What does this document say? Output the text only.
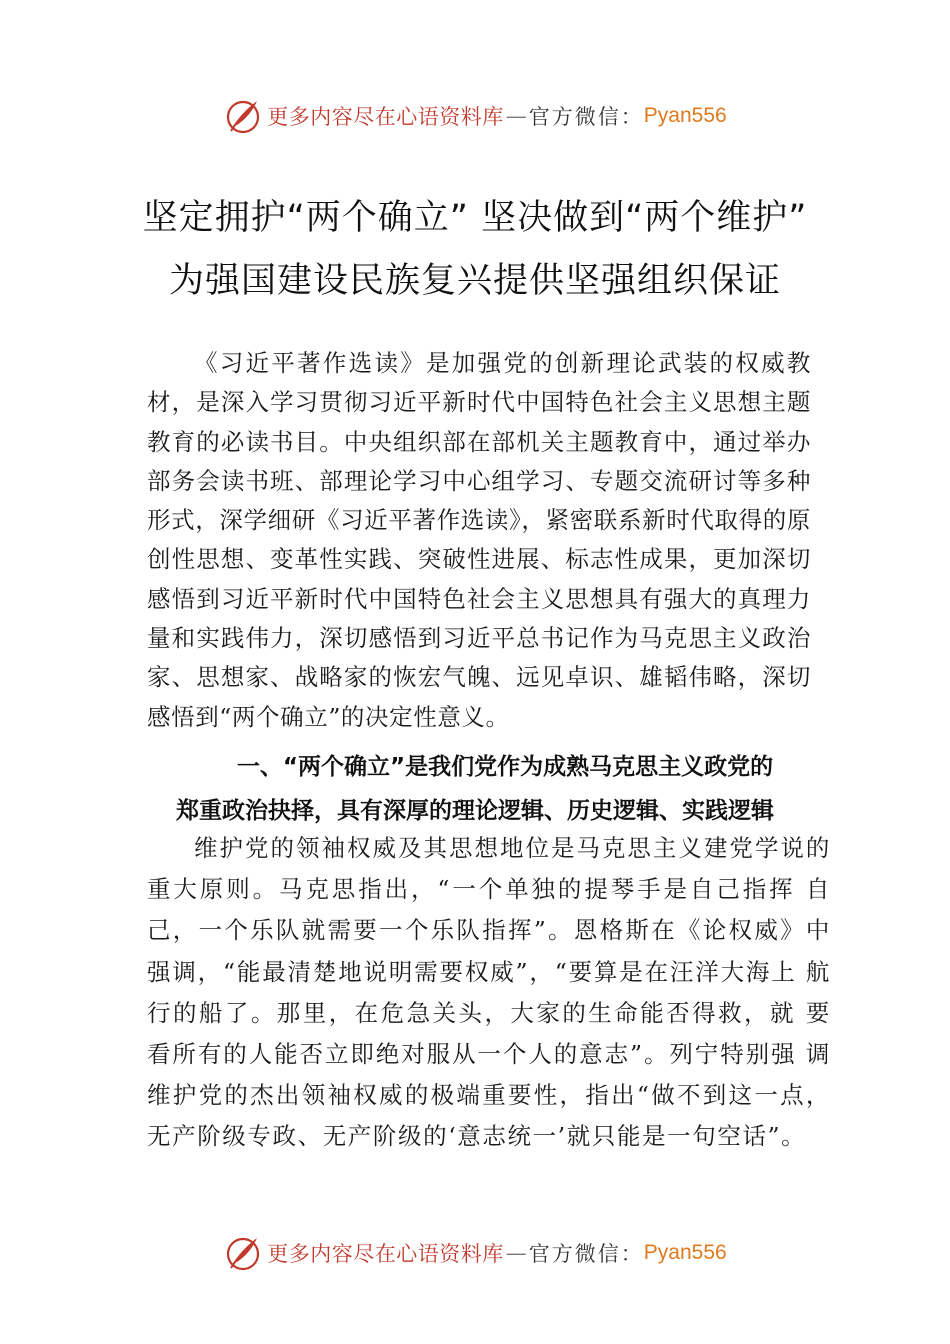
更多内容尽在心语资料库 — 官方微信： Pyan556
坚定拥护“两个确立” 坚决做到“两个维护”
为强国建设民族复兴提供坚强组织保证

《习近平著作选读》是加强党的创新理论武装的权威教材，是深入学习贯彻习近平新时代中国特色社会主义思想主题教育的必读书目。中央组织部在部机关主题教育中，通过举办部务会读书班、部理论学习中心组学习、专题交流研讨等多种形式，深学细研《习近平著作选读》，紧密联系新时代取得的原创性思想、变革性实践、突破性进展、标志性成果，更加深切感悟到习近平新时代中国特色社会主义思想具有强大的真理力量和实践伟力，深切感悟到习近平总书记作为马克思主义政治家、思想家、战略家的恢宏气魄、远见卓识、雄韬伟略，深切感悟到“两个确立”的决定性意义。

一、“两个确立”是我们党作为成熟马克思主义政党的
郑重政治抉择，具有深厚的理论逻辑、历史逻辑、实践逻辑

维护党的领袖权威及其思想地位是马克思主义建党学说的重大原则。马克思指出，“一个单独的提琴手是自己指挥 自己，一个乐队就需要一个乐队指挥”。恩格斯在《论权威》中强调，“能最清楚地说明需要权威”，“要算是在汪洋大海上 航行的船了。那里，在危急关头，大家的生命能否得救，就 要看所有的人能否立即绝对服从一个人的意志”。列宁特别强 调维护党的杰出领袖权威的极端重要性，指出“做不到这一点， 无产阶级专政、无产阶级的‘意志统一’就只能是一句空话”。

更多内容尽在心语资料库 — 官方微信： Pyan556
